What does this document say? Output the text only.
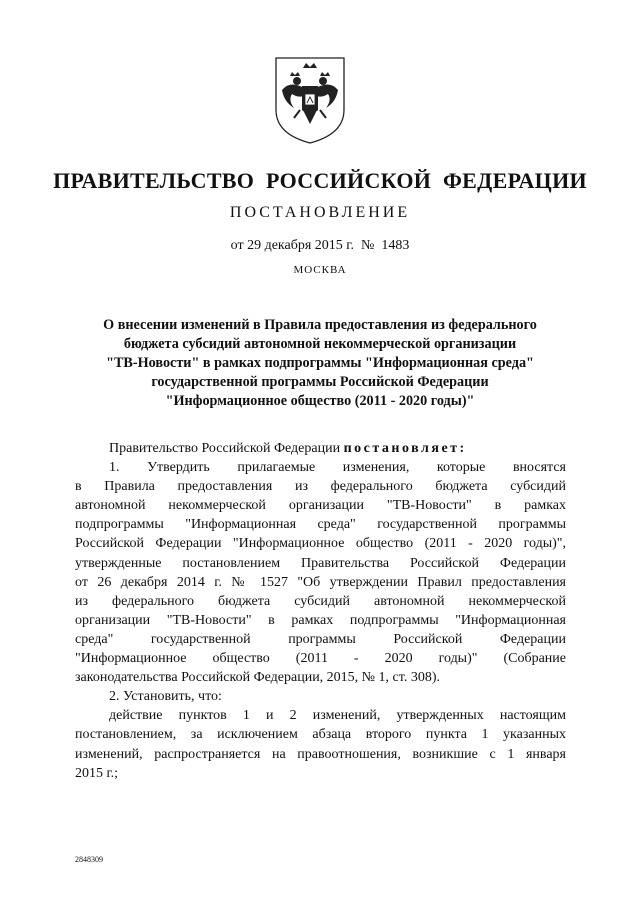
ПРАВИТЕЛЬСТВО РОССИЙСКОЙ ФЕДЕРАЦИИ
ПОСТАНОВЛЕНИЕ
от 29 декабря 2015 г.  №  1483
МОСКВА
О внесении изменений в Правила предоставления из федерального
бюджета субсидий автономной некоммерческой организации
"ТВ-Новости" в рамках подпрограммы "Информационная среда"
государственной программы Российской Федерации
"Информационное общество (2011 - 2020 годы)"
Правительство Российской Федерации постановляет:
1. Утвердить прилагаемые изменения, которые вносятся
в Правила предоставления из федерального бюджета субсидий
автономной некоммерческой организации "ТВ-Новости" в рамках
подпрограммы "Информационная среда" государственной программы
Российской Федерации "Информационное общество (2011 - 2020 годы)",
утвержденные постановлением Правительства Российской Федерации
от 26 декабря 2014 г. № 1527 "Об утверждении Правил предоставления
из федерального бюджета субсидий автономной некоммерческой
организации "ТВ-Новости" в рамках подпрограммы "Информационная
среда" государственной программы Российской Федерации
"Информационное общество (2011 - 2020 годы)" (Собрание
законодательства Российской Федерации, 2015, № 1, ст. 308).
2. Установить, что:
действие пунктов 1 и 2 изменений, утвержденных настоящим
постановлением, за исключением абзаца второго пункта 1 указанных
изменений, распространяется на правоотношения, возникшие с 1 января
2015 г.;
2848309
